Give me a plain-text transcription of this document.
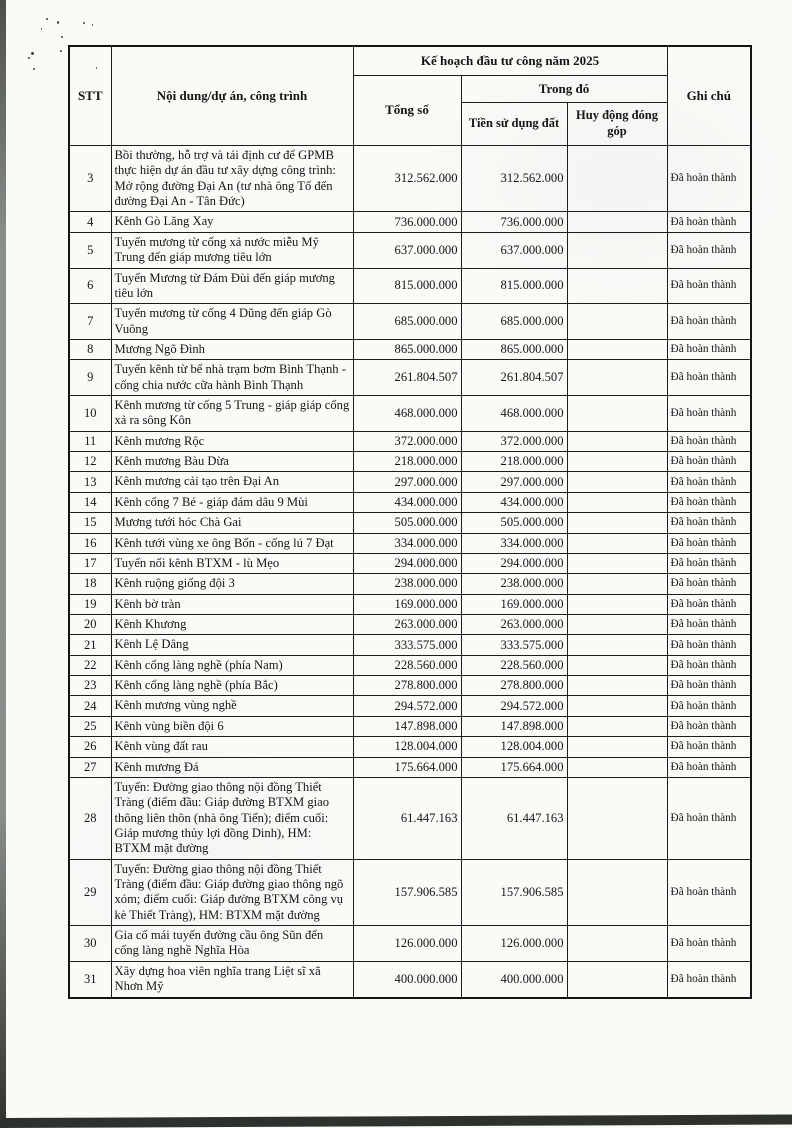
STT	Nội dung/dự án, công trình	Kế hoạch đầu tư công năm 2025			Ghi chú
		Tổng số	Trong đó		
			Tiền sử dụng đất	Huy động đóng góp	
3	Bồi thường, hỗ trợ và tái định cư để GPMB thực hiện dự án đầu tư xây dựng công trình: Mở rộng đường Đại An (tư nhà ông Tố đến đường Đại An - Tân Đức)	312.562.000	312.562.000		Đã hoàn thành
4	Kênh Gò Lăng Xay	736.000.000	736.000.000		Đã hoàn thành
5	Tuyến mương từ cống xả nước miễu Mỹ Trung đến giáp mương tiêu lớn	637.000.000	637.000.000		Đã hoàn thành
6	Tuyến Mương từ Đám Đùi đến giáp mương tiêu lớn	815.000.000	815.000.000		Đã hoàn thành
7	Tuyến mương từ cống 4 Dũng đến giáp Gò Vuông	685.000.000	685.000.000		Đã hoàn thành
8	Mương Ngõ Đình	865.000.000	865.000.000		Đã hoàn thành
9	Tuyến kênh từ bể nhà trạm bơm Bình Thạnh - cống chia nước cữa hành Bình Thạnh	261.804.507	261.804.507		Đã hoàn thành
10	Kênh mương từ cống 5 Trung - giáp giáp cống xả ra sông Kôn	468.000.000	468.000.000		Đã hoàn thành
11	Kênh mương Rộc	372.000.000	372.000.000		Đã hoàn thành
12	Kênh mương Bàu Dừa	218.000.000	218.000.000		Đã hoàn thành
13	Kênh mương cải tạo trên Đại An	297.000.000	297.000.000		Đã hoàn thành
14	Kênh cống 7 Bé - giáp đám dâu 9 Mùi	434.000.000	434.000.000		Đã hoàn thành
15	Mương tưới hóc Chà Gai	505.000.000	505.000.000		Đã hoàn thành
16	Kênh tưới vùng xe ông Bốn - cống lú 7 Đạt	334.000.000	334.000.000		Đã hoàn thành
17	Tuyến nối kênh BTXM - lù Mẹo	294.000.000	294.000.000		Đã hoàn thành
18	Kênh ruộng giống đội 3	238.000.000	238.000.000		Đã hoàn thành
19	Kênh bờ tràn	169.000.000	169.000.000		Đã hoàn thành
20	Kênh Khương	263.000.000	263.000.000		Đã hoàn thành
21	Kênh Lệ Dâng	333.575.000	333.575.000		Đã hoàn thành
22	Kênh cổng làng nghề (phía Nam)	228.560.000	228.560.000		Đã hoàn thành
23	Kênh cổng làng nghề (phía Bắc)	278.800.000	278.800.000		Đã hoàn thành
24	Kênh mương vùng nghề	294.572.000	294.572.000		Đã hoàn thành
25	Kênh vùng biền đội 6	147.898.000	147.898.000		Đã hoàn thành
26	Kênh vùng đất rau	128.004.000	128.004.000		Đã hoàn thành
27	Kênh mương Đá	175.664.000	175.664.000		Đã hoàn thành
28	Tuyến: Đường giao thông nội đồng Thiết Tràng (điểm đầu: Giáp đường BTXM giao thông liên thôn (nhà ông Tiến); điểm cuối: Giáp mương thủy lợi đồng Dinh), HM: BTXM mặt đường	61.447.163	61.447.163		Đã hoàn thành
29	Tuyến: Đường giao thông nội đồng Thiết Tràng (điểm đầu: Giáp đường giao thông ngõ xóm; điểm cuối: Giáp đường BTXM công vụ kè Thiết Tràng), HM: BTXM mặt đường	157.906.585	157.906.585		Đã hoàn thành
30	Gia cố mái tuyến đường cầu ông Sũn đến cống làng nghề Nghĩa Hòa	126.000.000	126.000.000		Đã hoàn thành
31	Xây dựng hoa viên nghĩa trang Liệt sĩ xã Nhơn Mỹ	400.000.000	400.000.000		Đã hoàn thành
